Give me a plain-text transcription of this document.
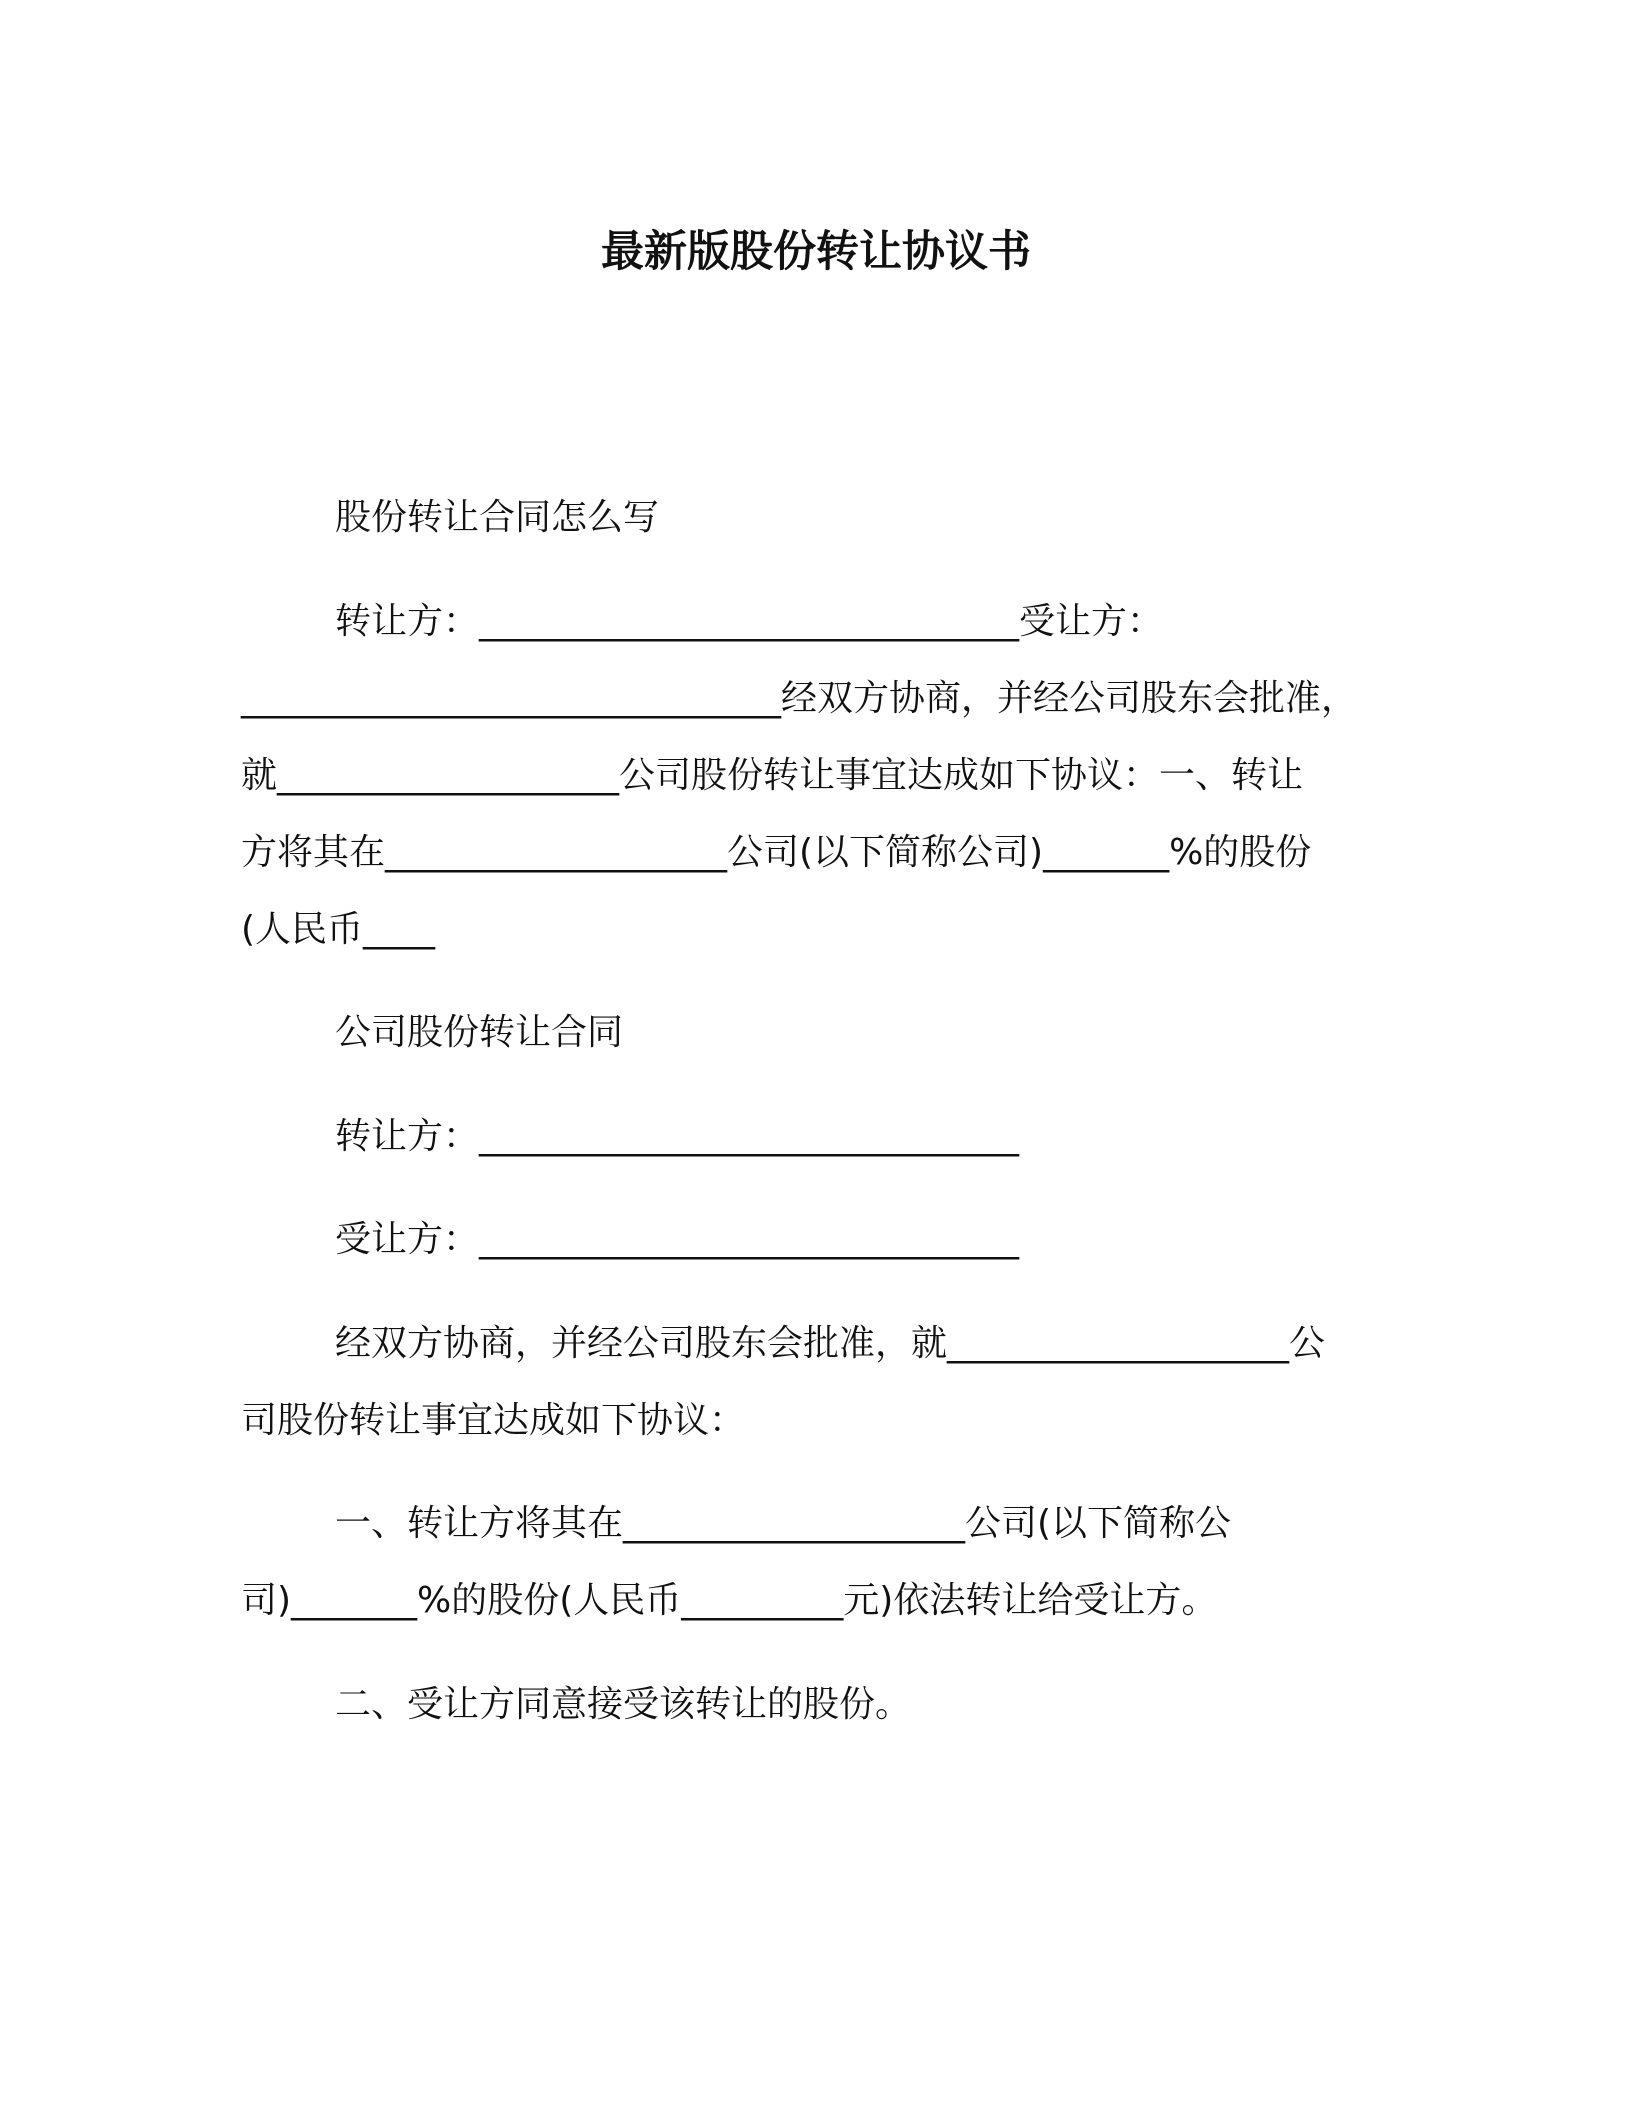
最新版股份转让协议书
股份转让合同怎么写
转让方：______________________________受让方：
______________________________经双方协商，并经公司股东会批准，
就___________________公司股份转让事宜达成如下协议：一、转让
方将其在___________________公司(以下简称公司)_______%的股份
(人民币____
公司股份转让合同
转让方：______________________________
受让方：______________________________
经双方协商，并经公司股东会批准，就___________________公
司股份转让事宜达成如下协议：
一、转让方将其在___________________公司(以下简称公
司)_______%的股份(人民币_________元)依法转让给受让方。
二、受让方同意接受该转让的股份。
